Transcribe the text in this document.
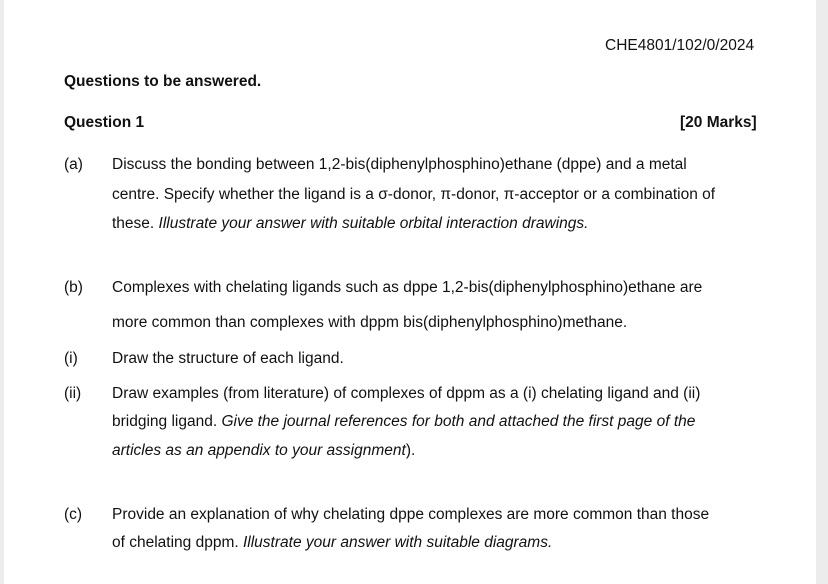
CHE4801/102/0/2024
Questions to be answered.
Question 1	[20 Marks]
(a) Discuss the bonding between 1,2-bis(diphenylphosphino)ethane (dppe) and a metal
centre. Specify whether the ligand is a σ-donor, π-donor, π-acceptor or a combination of
these. Illustrate your answer with suitable orbital interaction drawings.
(b) Complexes with chelating ligands such as dppe 1,2-bis(diphenylphosphino)ethane are
more common than complexes with dppm bis(diphenylphosphino)methane.
(i) Draw the structure of each ligand.
(ii) Draw examples (from literature) of complexes of dppm as a (i) chelating ligand and (ii)
bridging ligand. Give the journal references for both and attached the first page of the
articles as an appendix to your assignment).
(c) Provide an explanation of why chelating dppe complexes are more common than those
of chelating dppm. Illustrate your answer with suitable diagrams.
